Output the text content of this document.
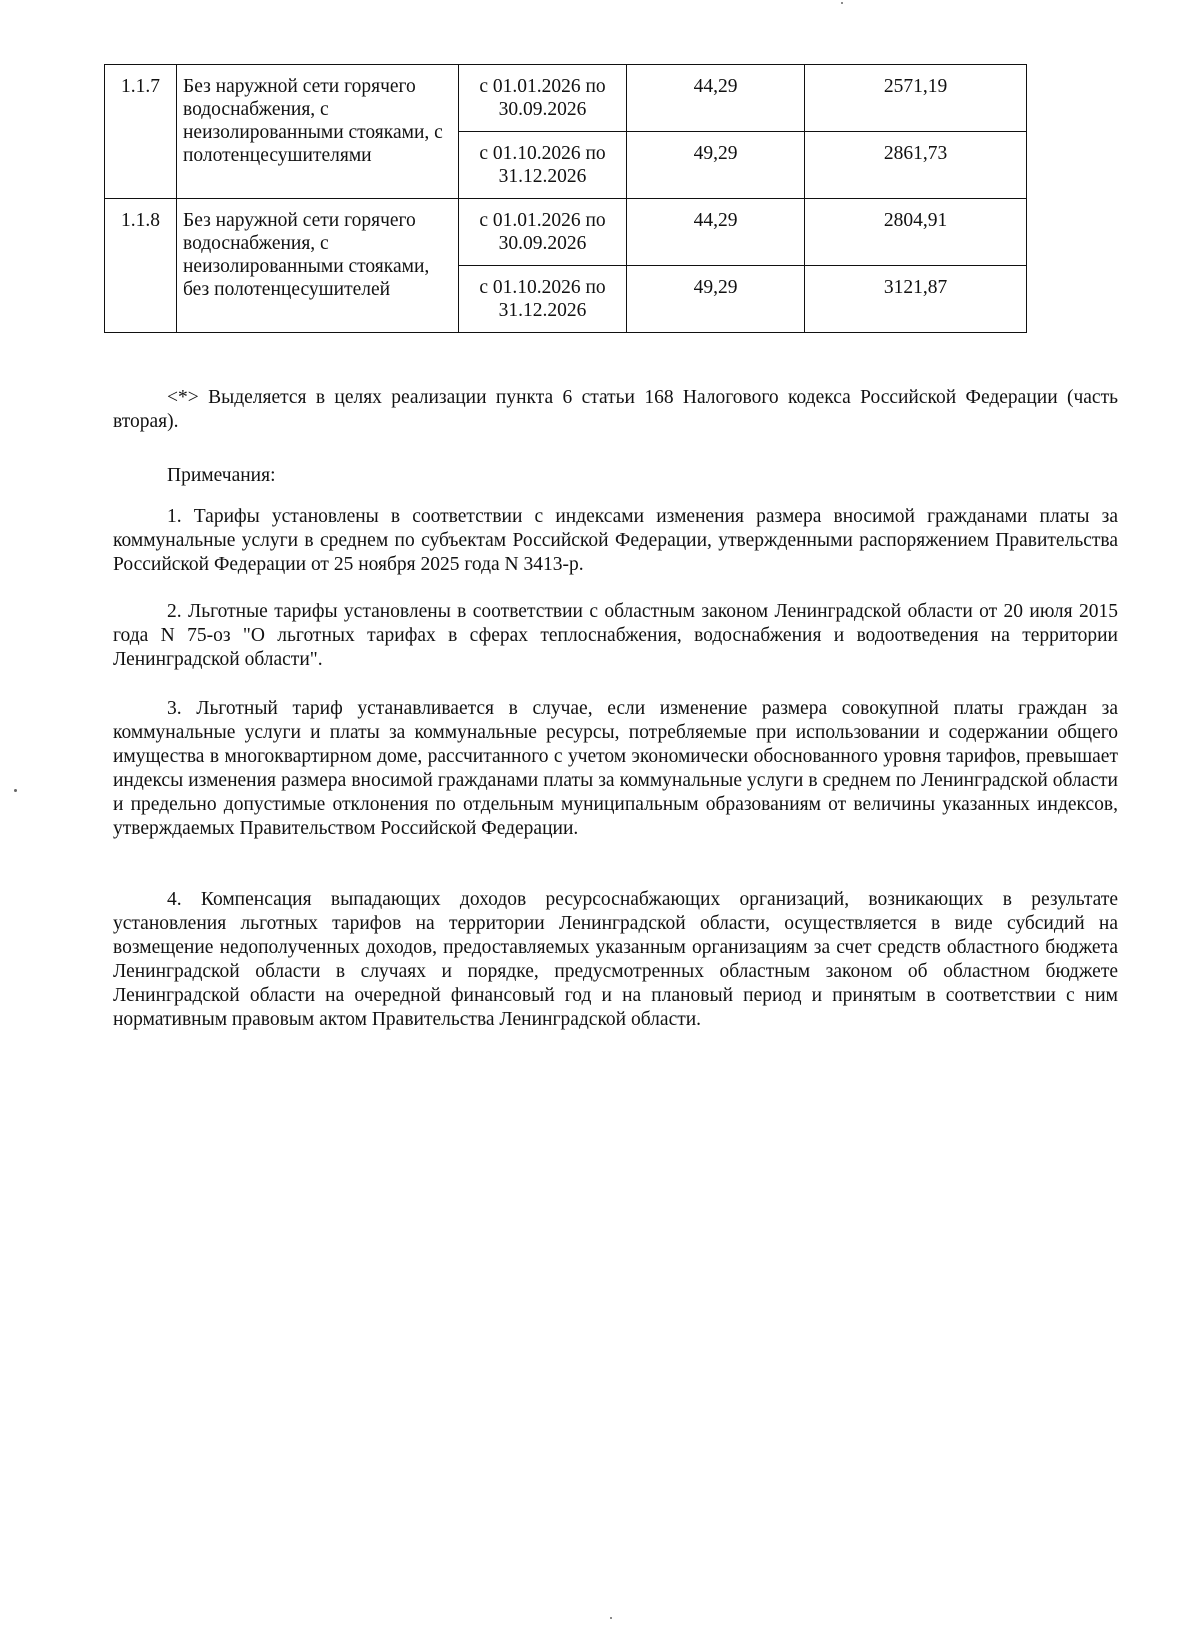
1.1.7	Без наружной сети горячего водоснабжения, с неизолированными стояками, с полотенцесушителями	с 01.01.2026 по 30.09.2026	44,29	2571,19
		с 01.10.2026 по 31.12.2026	49,29	2861,73
1.1.8	Без наружной сети горячего водоснабжения, с неизолированными стояками, без полотенцесушителей	с 01.01.2026 по 30.09.2026	44,29	2804,91
		с 01.10.2026 по 31.12.2026	49,29	3121,87

<*> Выделяется в целях реализации пункта 6 статьи 168 Налогового кодекса Российской Федерации (часть вторая).

Примечания:

1. Тарифы установлены в соответствии с индексами изменения размера вносимой гражданами платы за коммунальные услуги в среднем по субъектам Российской Федерации, утвержденными распоряжением Правительства Российской Федерации от 25 ноября 2025 года N 3413-р.

2. Льготные тарифы установлены в соответствии с областным законом Ленинградской области от 20 июля 2015 года N 75-оз "О льготных тарифах в сферах теплоснабжения, водоснабжения и водоотведения на территории Ленинградской области".

3. Льготный тариф устанавливается в случае, если изменение размера совокупной платы граждан за коммунальные услуги и платы за коммунальные ресурсы, потребляемые при использовании и содержании общего имущества в многоквартирном доме, рассчитанного с учетом экономически обоснованного уровня тарифов, превышает индексы изменения размера вносимой гражданами платы за коммунальные услуги в среднем по Ленинградской области и предельно допустимые отклонения по отдельным муниципальным образованиям от величины указанных индексов, утверждаемых Правительством Российской Федерации.

4. Компенсация выпадающих доходов ресурсоснабжающих организаций, возникающих в результате установления льготных тарифов на территории Ленинградской области, осуществляется в виде субсидий на возмещение недополученных доходов, предоставляемых указанным организациям за счет средств областного бюджета Ленинградской области в случаях и порядке, предусмотренных областным законом об областном бюджете Ленинградской области на очередной финансовый год и на плановый период и принятым в соответствии с ним нормативным правовым актом Правительства Ленинградской области.
